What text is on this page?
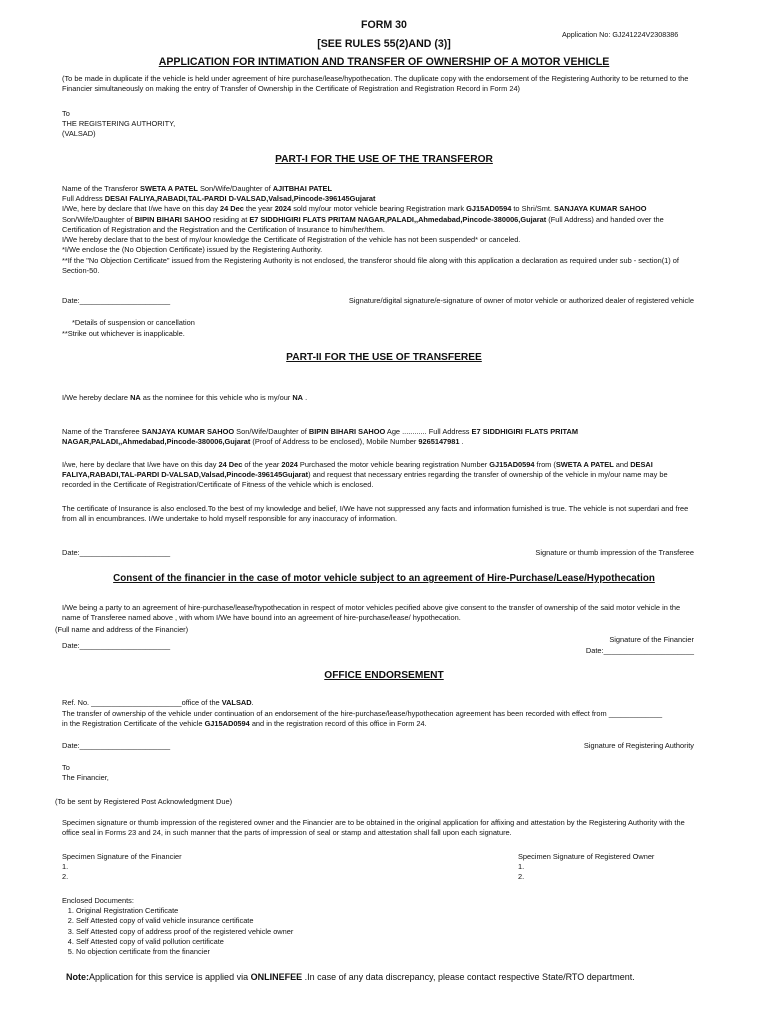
FORM 30
Application No: GJ241224V2308386
[SEE RULES 55(2)AND (3)]
APPLICATION FOR INTIMATION AND TRANSFER OF OWNERSHIP OF A MOTOR VEHICLE
(To be made in duplicate if the vehicle is held under agreement of hire purchase/lease/hypothecation. The duplicate copy with the endorsement of the Registering Authority to be returned to the Financier simultaneously on making the entry of Transfer of Ownership in the Certificate of Registration and Registration Record in Form 24)
To
THE REGISTERING AUTHORITY,
(VALSAD)
PART-I FOR THE USE OF THE TRANSFEROR
Name of the Transferor SWETA A PATEL Son/Wife/Daughter of AJITBHAI PATEL
Full Address DESAI FALIYA,RABADI,TAL-PARDI D-VALSAD,Valsad,Pincode-396145Gujarat
I/We, here by declare that I/we have on this day 24 Dec the year 2024 sold my/our motor vehicle bearing Registration mark GJ15AD0594 to Shri/Smt. SANJAYA KUMAR SAHOO Son/Wife/Daughter of BIPIN BIHARI SAHOO residing at E7 SIDDHIGIRI FLATS PRITAM NAGAR,PALADI,,Ahmedabad,Pincode-380006,Gujarat (Full Address) and handed over the Certification of Registration and the Registration and the Certification of Insurance to him/her/them.
I/We hereby declare that to the best of my/our knowledge the Certificate of Registration of the vehicle has not been suspended* or canceled.
*I/We enclose the (No Objection Certificate) issued by the Registering Authority.
**If the "No Objection Certificate" issued from the Registering Authority is not enclosed, the transferor should file along with this application a declaration as required under sub - section(1) of Section-50.
Date:______________________	Signature/digital signature/e-signature of owner of motor vehicle or authorized dealer of registered vehicle
*Details of suspension or cancellation
**Strike out whichever is inapplicable.
PART-II FOR THE USE OF TRANSFEREE
I/We hereby declare NA as the nominee for this vehicle who is my/our NA .
Name of the Transferee SANJAYA KUMAR SAHOO Son/Wife/Daughter of BIPIN BIHARI SAHOO Age ............ Full Address E7 SIDDHIGIRI FLATS PRITAM NAGAR,PALADI,,Ahmedabad,Pincode-380006,Gujarat (Proof of Address to be enclosed), Mobile Number 9265147981 .
I/we, here by declare that I/we have on this day 24 Dec of the year 2024 Purchased the motor vehicle bearing registration Number GJ15AD0594 from (SWETA A PATEL and DESAI FALIYA,RABADI,TAL-PARDI D-VALSAD,Valsad,Pincode-396145Gujarat) and request that necessary entries regarding the transfer of ownership of the vehicle in my/our name may be recorded in the Certificate of Registration/Certificate of Fitness of the vehicle which is enclosed.
The certificate of Insurance is also enclosed.To the best of my knowledge and belief, I/We have not suppressed any facts and information furnished is true. The vehicle is not superdari and free from all in encumbrances. I/We undertake to hold myself responsible for any inaccuracy of information.
Date:______________________	Signature or thumb impression of the Transferee
Consent of the financier in the case of motor vehicle subject to an agreement of Hire-Purchase/Lease/Hypothecation
I/We being a party to an agreement of hire-purchase/lease/hypothecation in respect of motor vehicles pecified above give consent to the transfer of ownership of the said motor vehicle in the name of Transferee named above , with whom I/We have bound into an agreement of hire-purchase/lease/ hypothecation.
(Full name and address of the Financier)
Signature of the Financier
Date:______________________
Date:______________________
OFFICE ENDORSEMENT
Ref. No. ______________________office of the VALSAD.
The transfer of ownership of the vehicle under continuation of an endorsement of the hire-purchase/lease/hypothecation agreement has been recorded with effect from _____________
in the Registration Certificate of the vehicle GJ15AD0594 and in the registration record of this office in Form 24.
Date:______________________	Signature of Registering Authority
To
The Financier,
(To be sent by Registered Post Acknowledgment Due)
Specimen signature or thumb impression of the registered owner and the Financier are to be obtained in the original application for affixing and attestation by the Registering Authority with the office seal in Forms 23 and 24, in such manner that the parts of impression of seal or stamp and attestation shall fall upon each signature.
Specimen Signature of the Financier
1.
2.
Specimen Signature of Registered Owner
1.
2.
Enclosed Documents:
1. Original Registration Certificate
2. Self Attested copy of valid vehicle insurance certificate
3. Self Attested copy of address proof of the registered vehicle owner
4. Self Attested copy of valid pollution certificate
5. No objection certificate from the financier
Note:Application for this service is applied via ONLINEFEE .In case of any data discrepancy, please contact respective State/RTO department.
